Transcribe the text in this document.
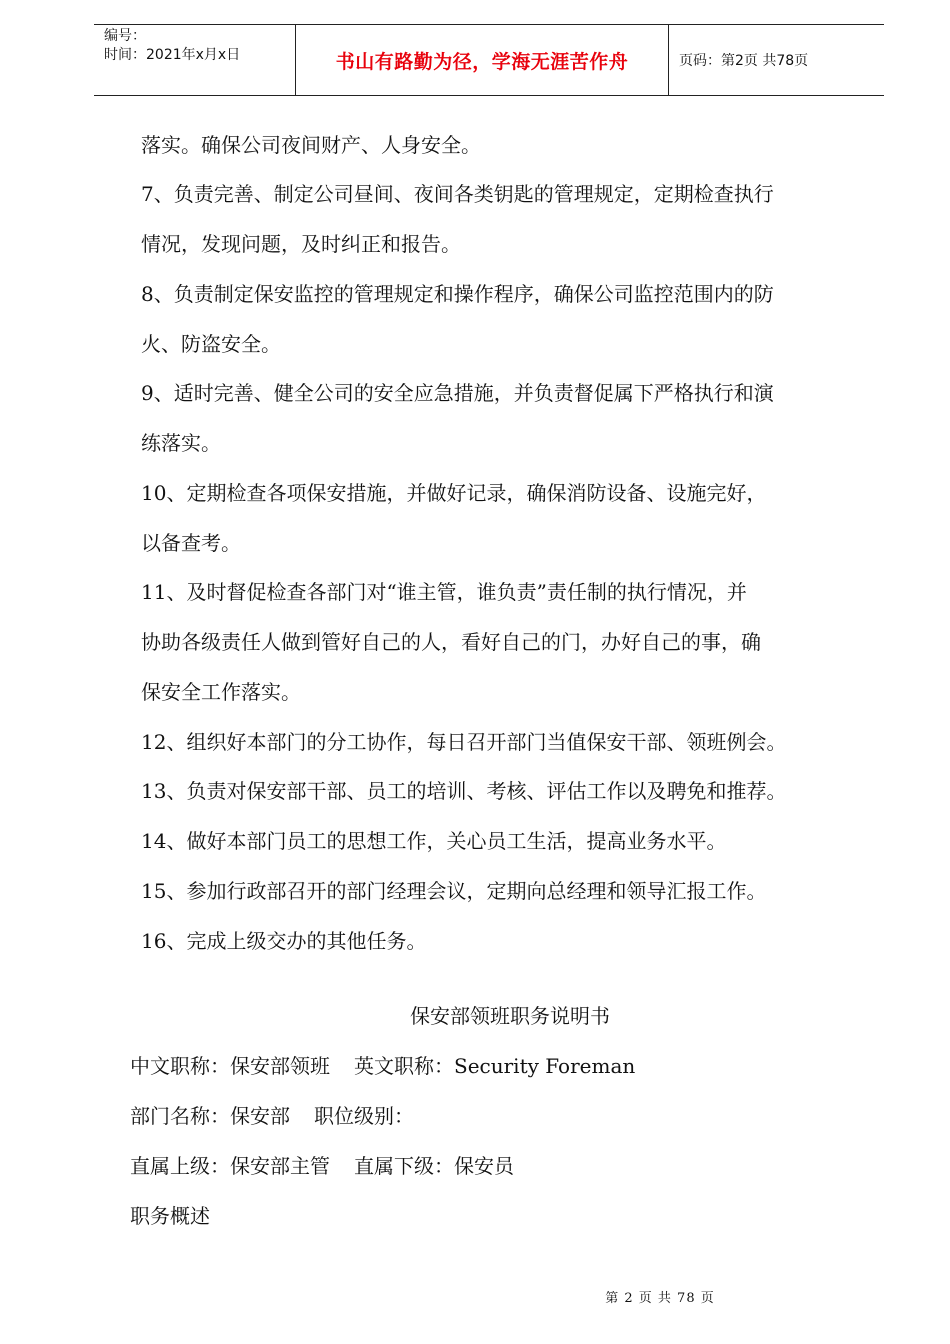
编号：
时间：2021年x月x日	书山有路勤为径，学海无涯苦作舟	页码：第2页 共78页
落实。确保公司夜间财产、人身安全。
7、负责完善、制定公司昼间、夜间各类钥匙的管理规定，定期检查执行
情况，发现问题，及时纠正和报告。
8、负责制定保安监控的管理规定和操作程序，确保公司监控范围内的防
火、防盗安全。
9、适时完善、健全公司的安全应急措施，并负责督促属下严格执行和演
练落实。
10、定期检查各项保安措施，并做好记录，确保消防设备、设施完好，
以备查考。
11、及时督促检查各部门对“谁主管，谁负责”责任制的执行情况，并
协助各级责任人做到管好自己的人，看好自己的门，办好自己的事，确
保安全工作落实。
12、组织好本部门的分工协作，每日召开部门当值保安干部、领班例会。
13、负责对保安部干部、员工的培训、考核、评估工作以及聘免和推荐。
14、做好本部门员工的思想工作，关心员工生活，提高业务水平。
15、参加行政部召开的部门经理会议，定期向总经理和领导汇报工作。
16、完成上级交办的其他任务。
保安部领班职务说明书
中文职称：保安部领班 英文职称：Security Foreman
部门名称：保安部 职位级别：
直属上级：保安部主管 直属下级：保安员
职务概述
第 2 页 共 78 页
